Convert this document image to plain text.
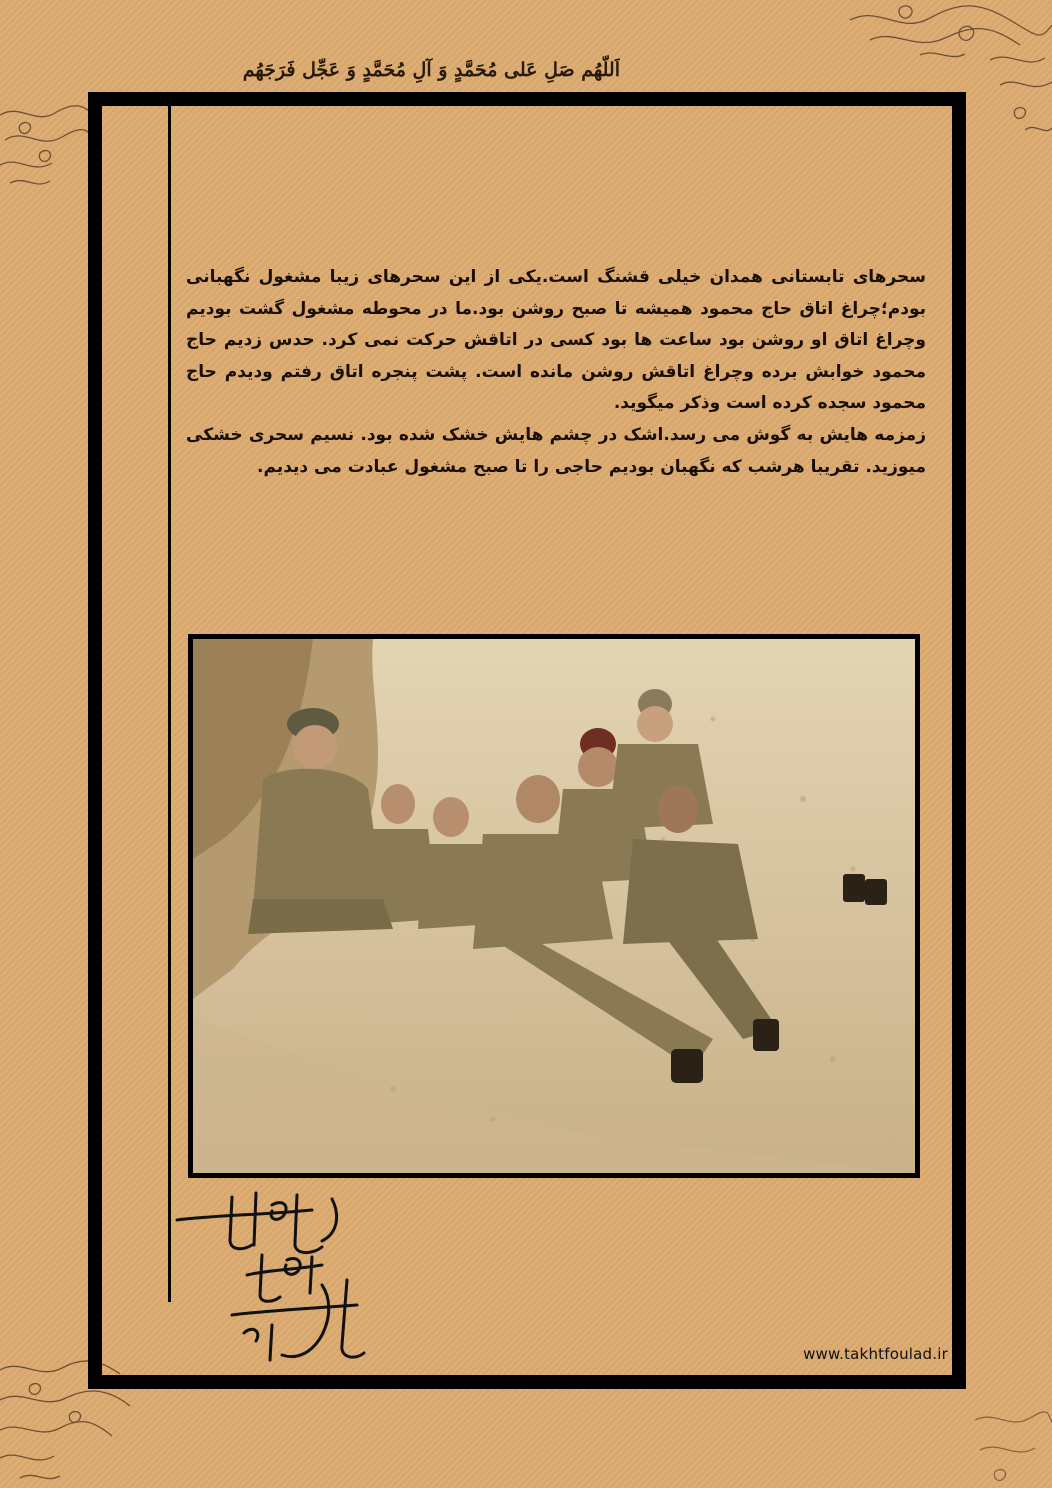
اَللّهُم صَلِ عَلی مُحَمَّدٍ وَ آلِ مُحَمَّدٍ وَ عَجِّل فَرَجَهُم

سحرهای تابستانی همدان خیلی قشنگ است.یکی از این سحرهای زیبا مشغول نگهبانی بودم؛چراغ اتاق حاج محمود همیشه تا صبح روشن بود.ما در محوطه مشغول گشت بودیم وچراغ اتاق او روشن بود ساعت ها بود کسی در اتاقش حرکت نمی کرد. حدس زدیم حاج محمود خوابش برده وچراغ اتاقش روشن مانده است. پشت پنجره اتاق رفتم ودیدم حاج محمود سجده کرده است وذکر میگوید.

زمزمه هایش به گوش می رسد.اشک در چشم هایش خشک شده بود. نسیم سحری خشکی میوزید. تقریبا هرشب که نگهبان بودیم حاجی را تا صبح مشغول عبادت می دیدیم.

www.takhtfoulad.ir
